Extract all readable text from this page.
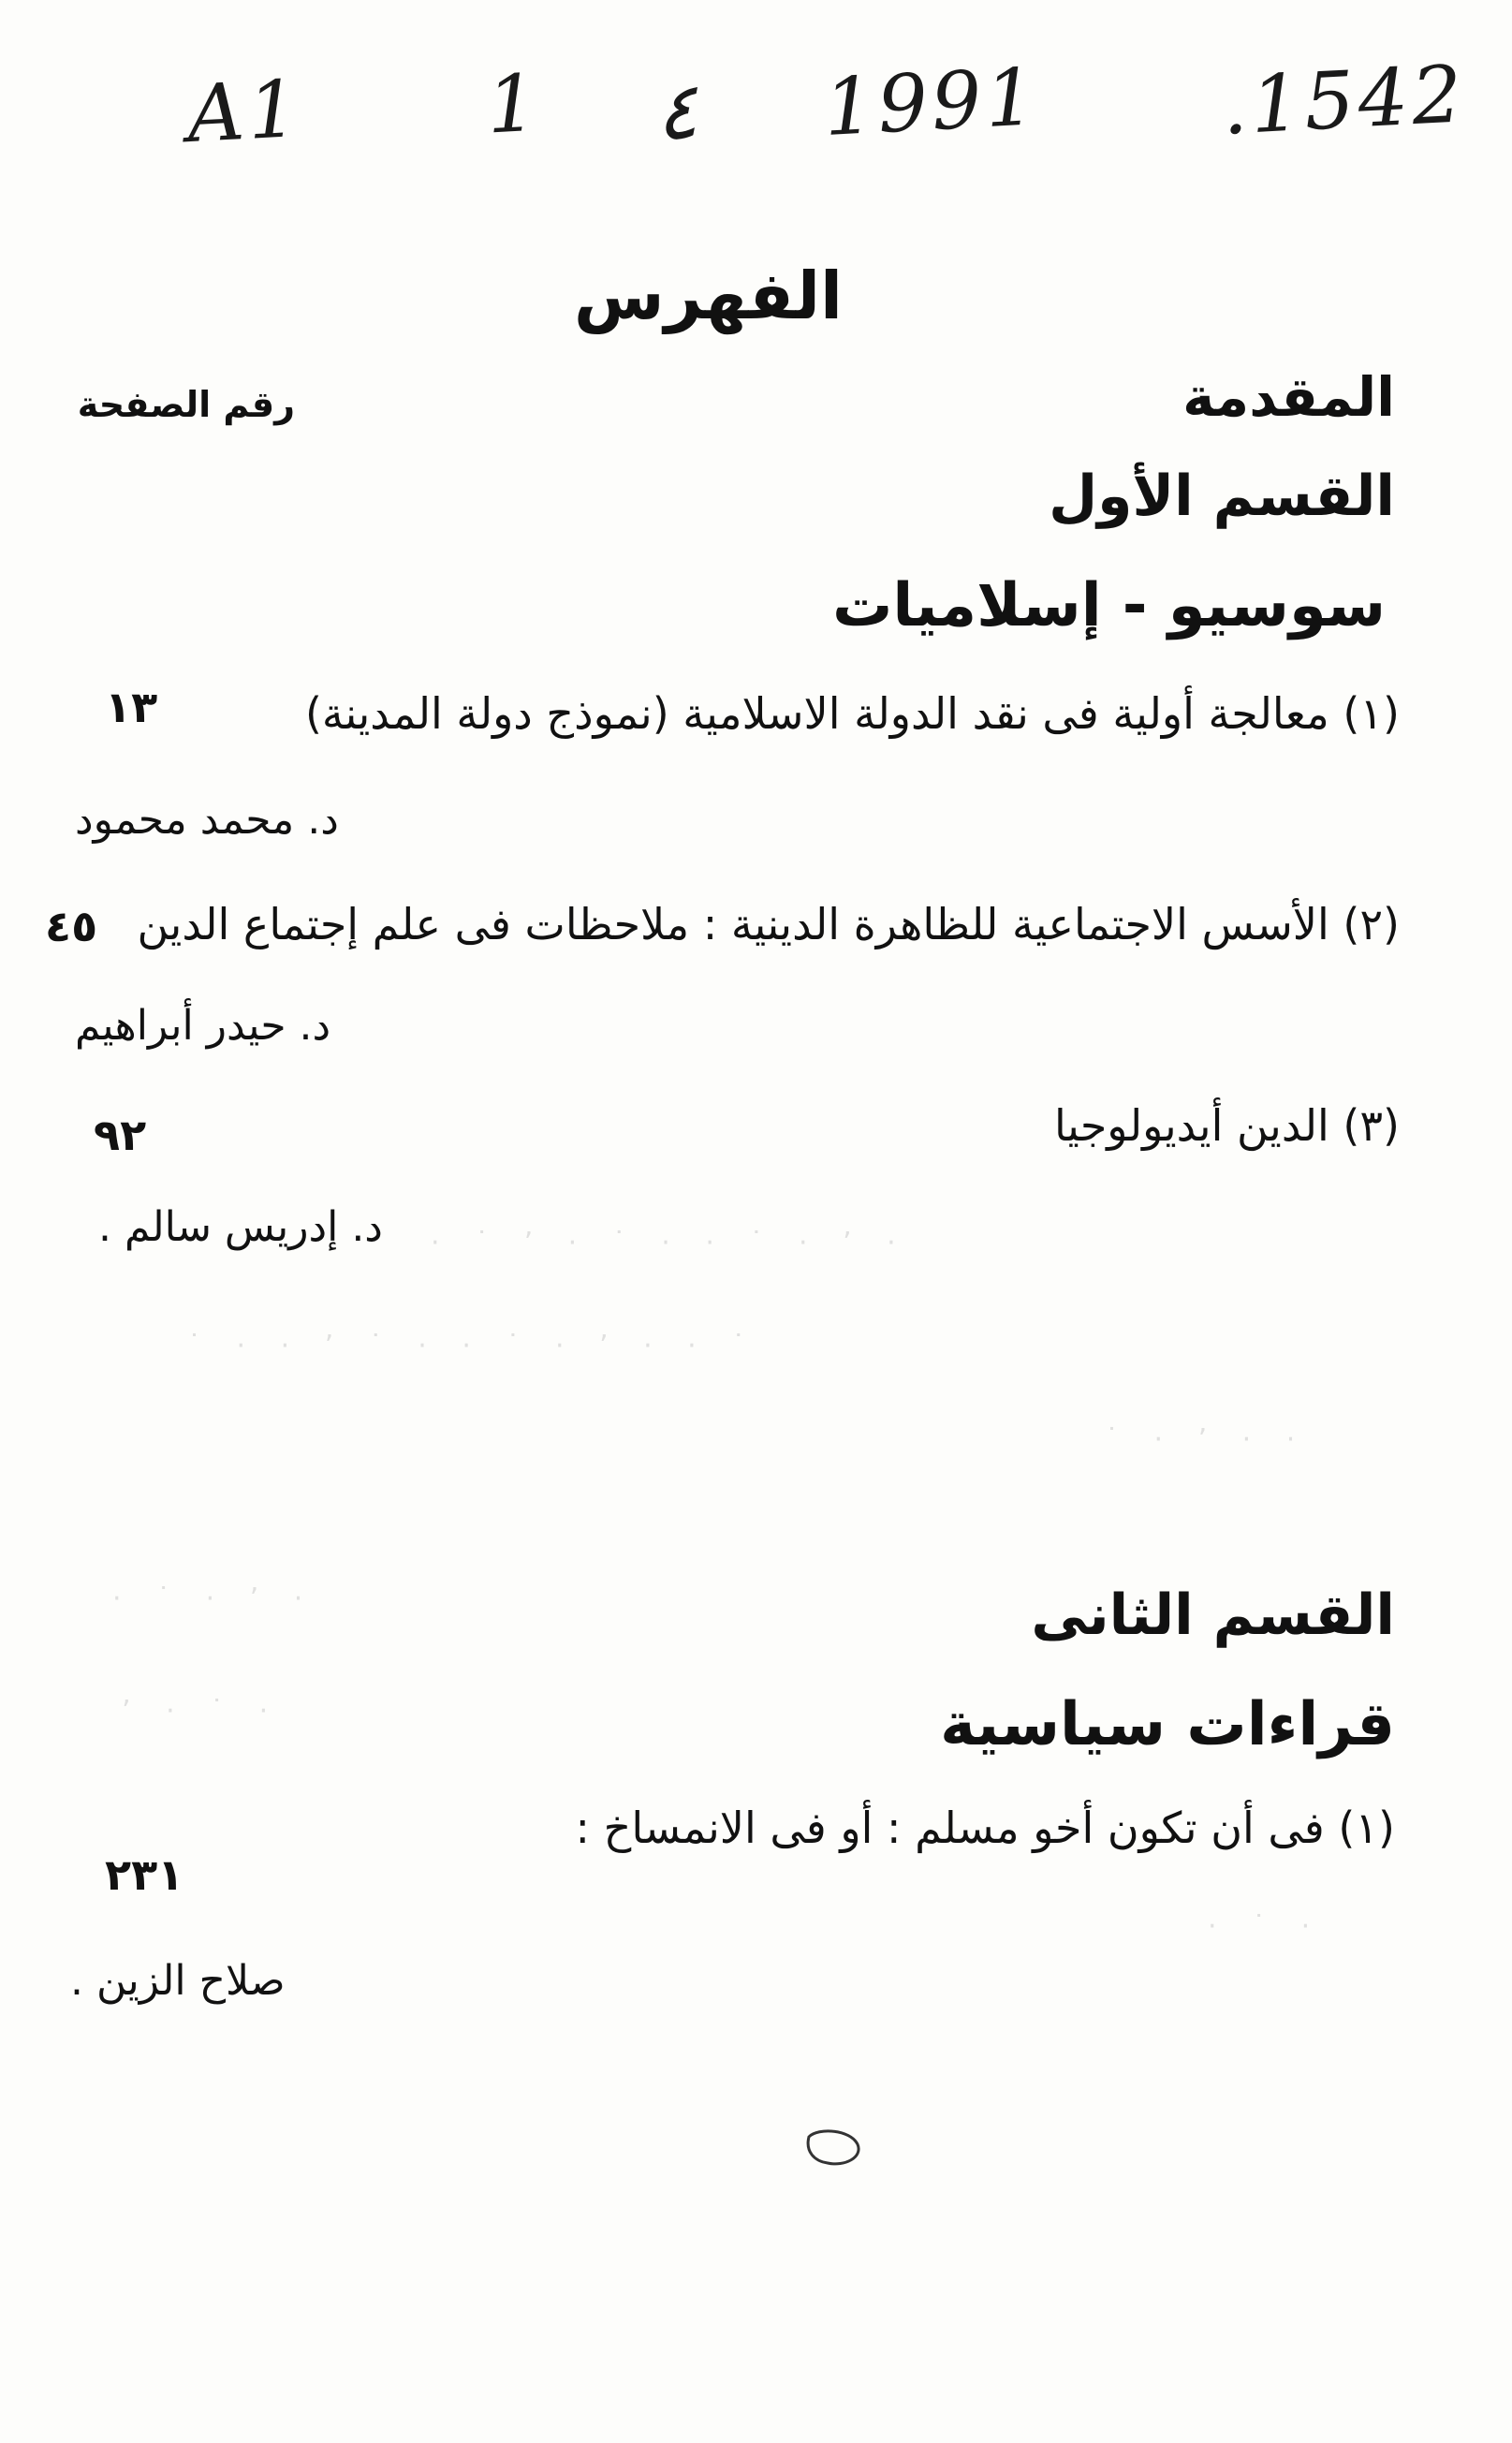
A1 1 ٤ 1991 .1542
الفهرس
رقم الصفحة	المقدمة
القسم الأول
سوسيو - إسلاميات
(١) معالجة أولية فى نقد الدولة الاسلامية (نموذج دولة المدينة)
١٣
د. محمد محمود
(٢) الأسس الاجتماعية للظاهرة الدينية : ملاحظات فى علم إجتماع الدين
٤٥
د. حيدر أبراهيم
(٣) الدين أيديولوجيا
٩٢
د. إدريس سالم . · ˙ ʼ · ˙ · · ˙ · ʼ ·
˙ · · ʼ ˙ · · ˙ · ʼ · · ˙
˙ · ʼ · ·
· ˙ · ʼ ·
ʼ · ˙ ·
· ˙ ·
القسم الثانى
قراءات سياسية
(١) فى أن تكون أخو مسلم : أو فى الانمساخ :
٢٣١
صلاح الزين .
